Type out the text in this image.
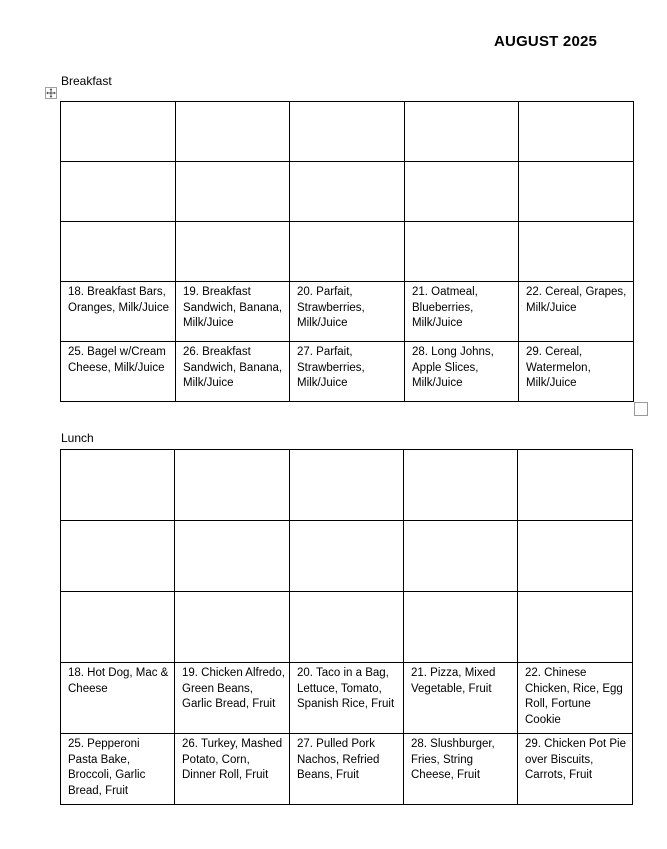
AUGUST 2025
Breakfast

18. Breakfast Bars, Oranges, Milk/Juice	19. Breakfast Sandwich, Banana, Milk/Juice	20. Parfait, Strawberries, Milk/Juice	21. Oatmeal, Blueberries, Milk/Juice	22. Cereal, Grapes, Milk/Juice
25. Bagel w/Cream Cheese, Milk/Juice	26. Breakfast Sandwich, Banana, Milk/Juice	27. Parfait, Strawberries, Milk/Juice	28. Long Johns, Apple Slices, Milk/Juice	29. Cereal, Watermelon, Milk/Juice
Lunch

18. Hot Dog, Mac & Cheese	19. Chicken Alfredo, Green Beans, Garlic Bread, Fruit	20. Taco in a Bag, Lettuce, Tomato, Spanish Rice, Fruit	21. Pizza, Mixed Vegetable, Fruit	22. Chinese Chicken, Rice, Egg Roll, Fortune Cookie
25. Pepperoni Pasta Bake, Broccoli, Garlic Bread, Fruit	26. Turkey, Mashed Potato, Corn, Dinner Roll, Fruit	27. Pulled Pork Nachos, Refried Beans, Fruit	28. Slushburger, Fries, String Cheese, Fruit	29. Chicken Pot Pie over Biscuits, Carrots, Fruit
